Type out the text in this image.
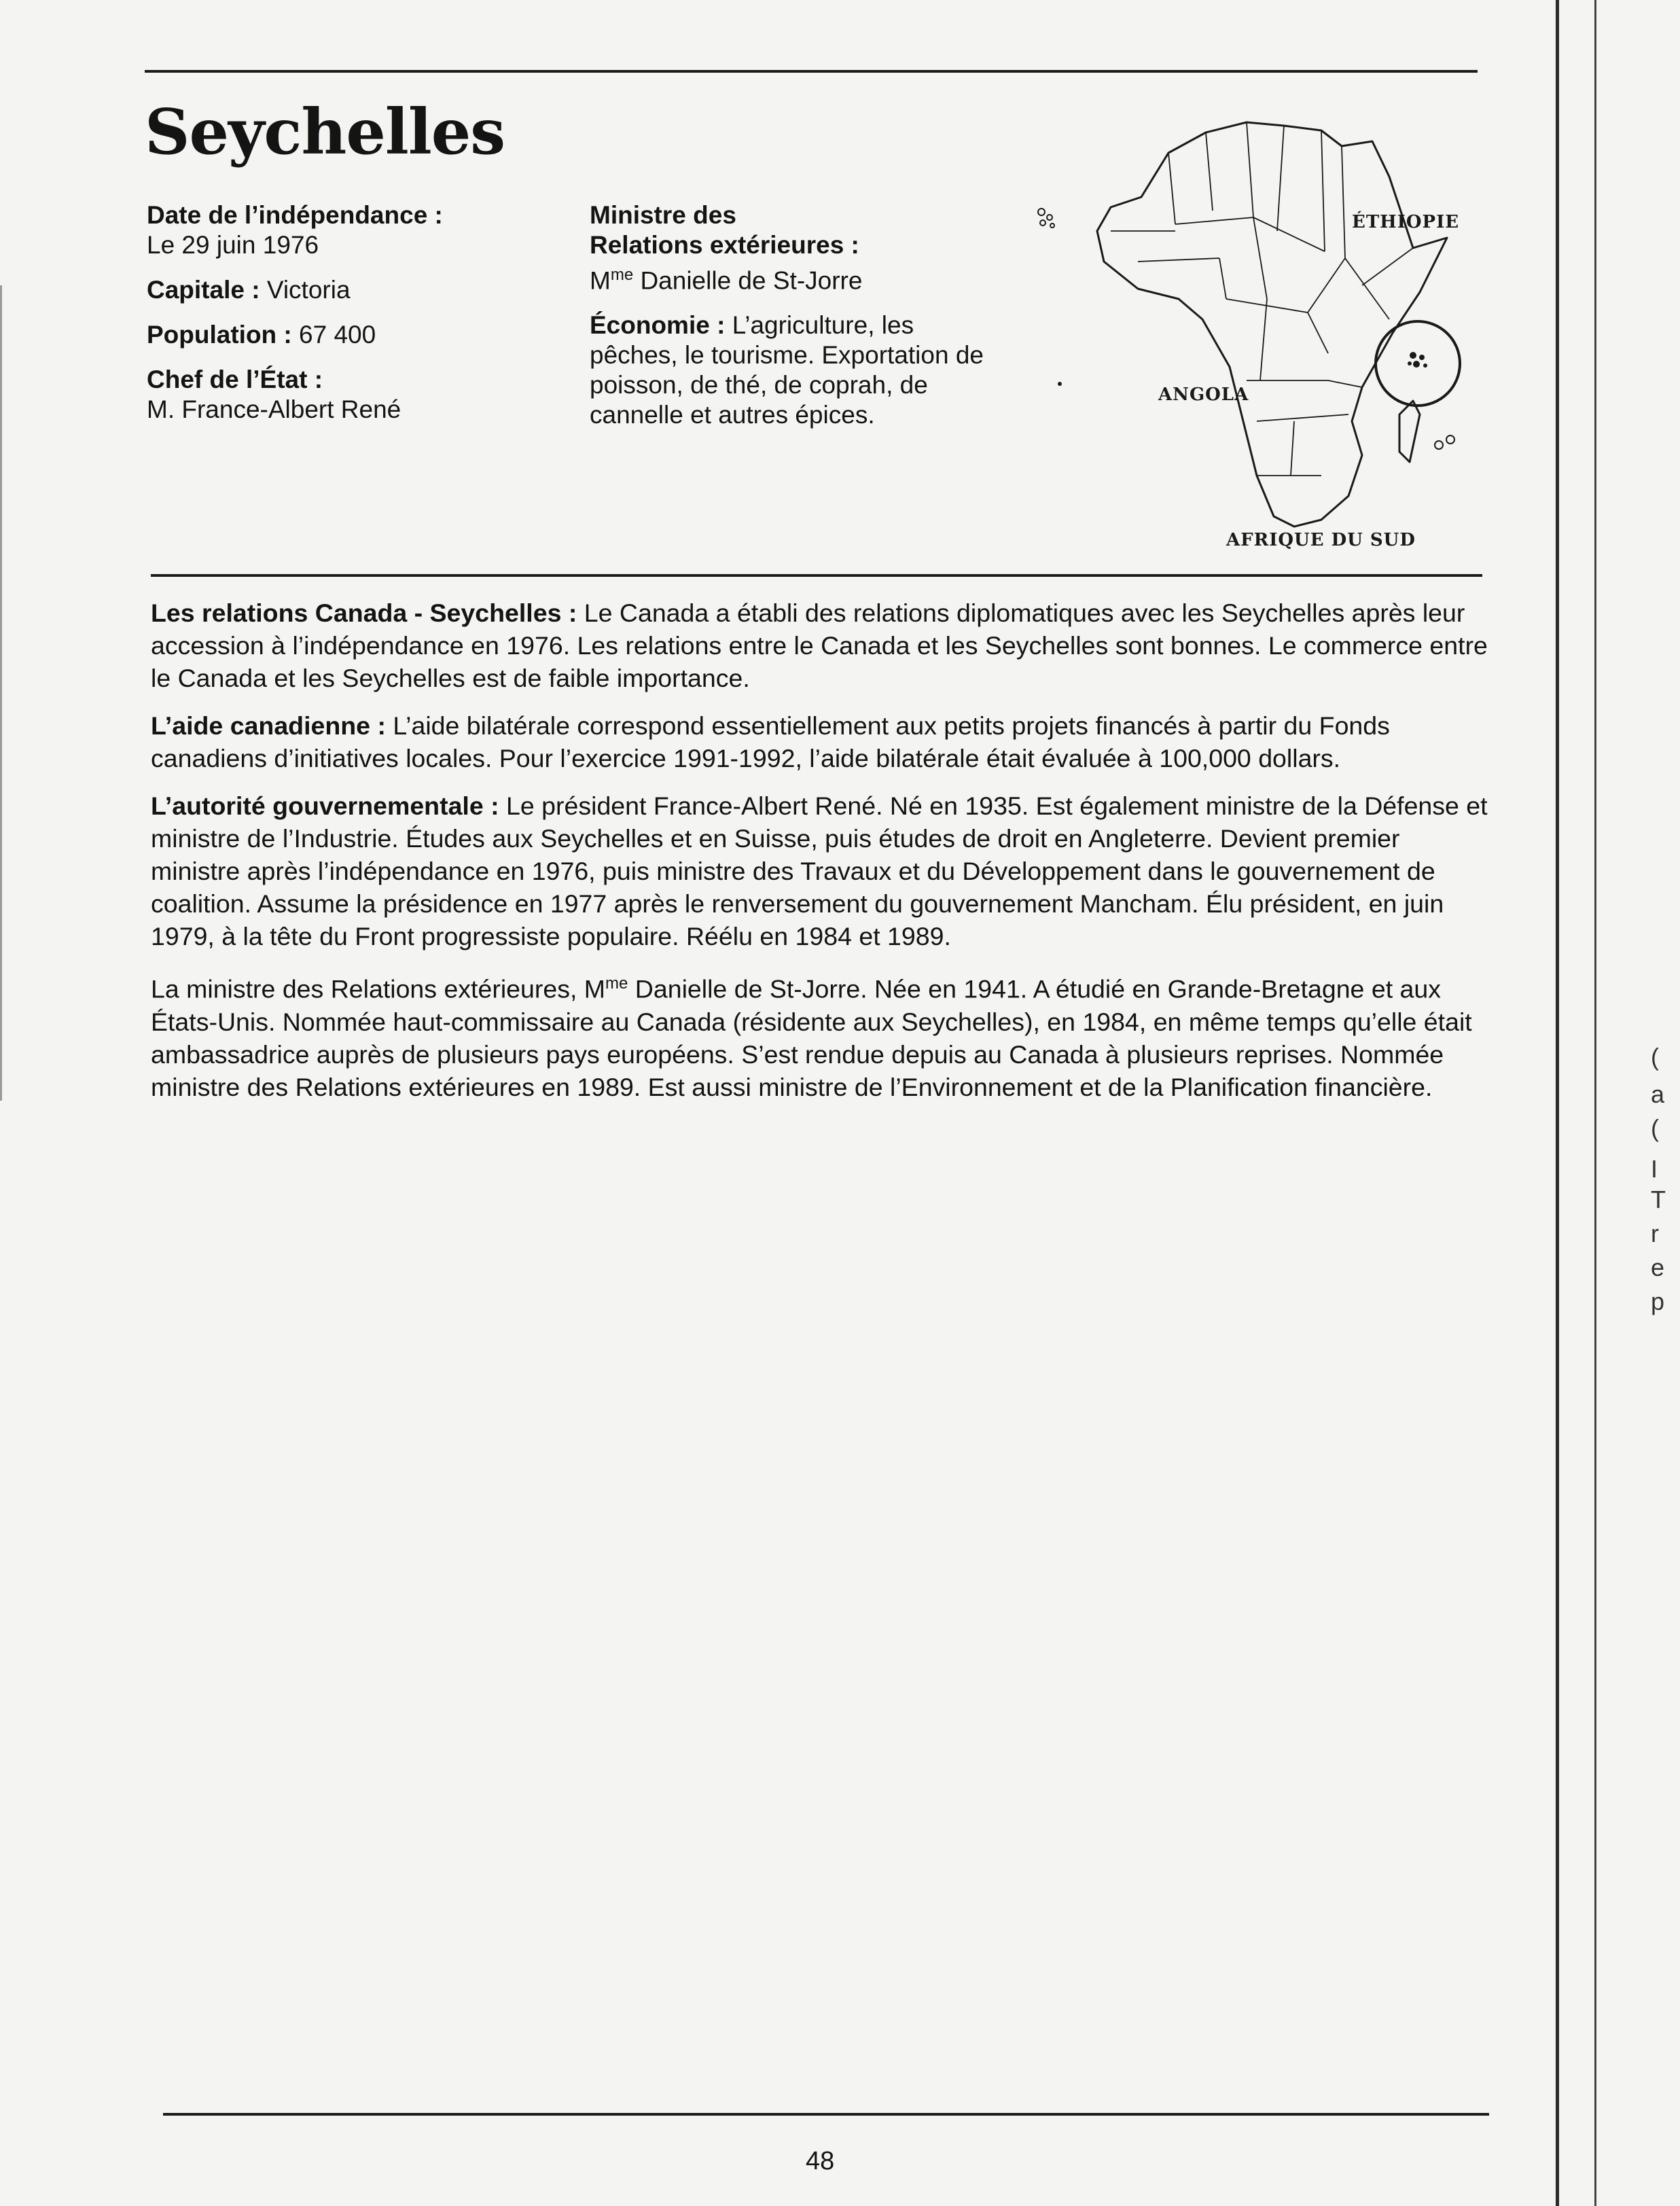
Seychelles

Date de l’indépendance :

Le 29 juin 1976

Capitale : Victoria

Population : 67 400

Chef de l’État :

M. France-Albert René

Ministre des

Relations extérieures :

$M^{me}$ Danielle de St-Jorre

Économie : L’agriculture, les pêches, le tourisme. Exportation de poisson, de thé, de coprah, de cannelle et autres épices.

ÉTHIOPIE
ANGOLA
AFRIQUE DU SUD

Les relations Canada - Seychelles : Le Canada a établi des relations diplomatiques avec les Seychelles après leur accession à l’indépendance en 1976. Les relations entre le Canada et les Seychelles sont bonnes. Le commerce entre le Canada et les Seychelles est de faible importance.

L’aide canadienne : L’aide bilatérale correspond essentiellement aux petits projets financés à partir du Fonds canadiens d’initiatives locales. Pour l’exercice 1991-1992, l’aide bilatérale était évaluée à 100,000 dollars.

L’autorité gouvernementale : Le président France-Albert René. Né en 1935. Est également ministre de la Défense et ministre de l’Industrie. Études aux Seychelles et en Suisse, puis études de droit en Angleterre. Devient premier ministre après l’indépendance en 1976, puis ministre des Travaux et du Développement dans le gouvernement de coalition. Assume la présidence en 1977 après le renversement du gouvernement Mancham. Élu président, en juin 1979, à la tête du Front progressiste populaire. Réélu en 1984 et 1989.

La ministre des Relations extérieures, $M^{me}$ Danielle de St-Jorre. Née en 1941. A étudié en Grande-Bretagne et aux États-Unis. Nommée haut-commissaire au Canada (résidente aux Seychelles), en 1984, en même temps qu’elle était ambassadrice auprès de plusieurs pays européens. S’est rendue depuis au Canada à plusieurs reprises. Nommée ministre des Relations extérieures en 1989. Est aussi ministre de l’Environnement et de la Planification financière.

48
(
a
(
I
T
r
e
p
